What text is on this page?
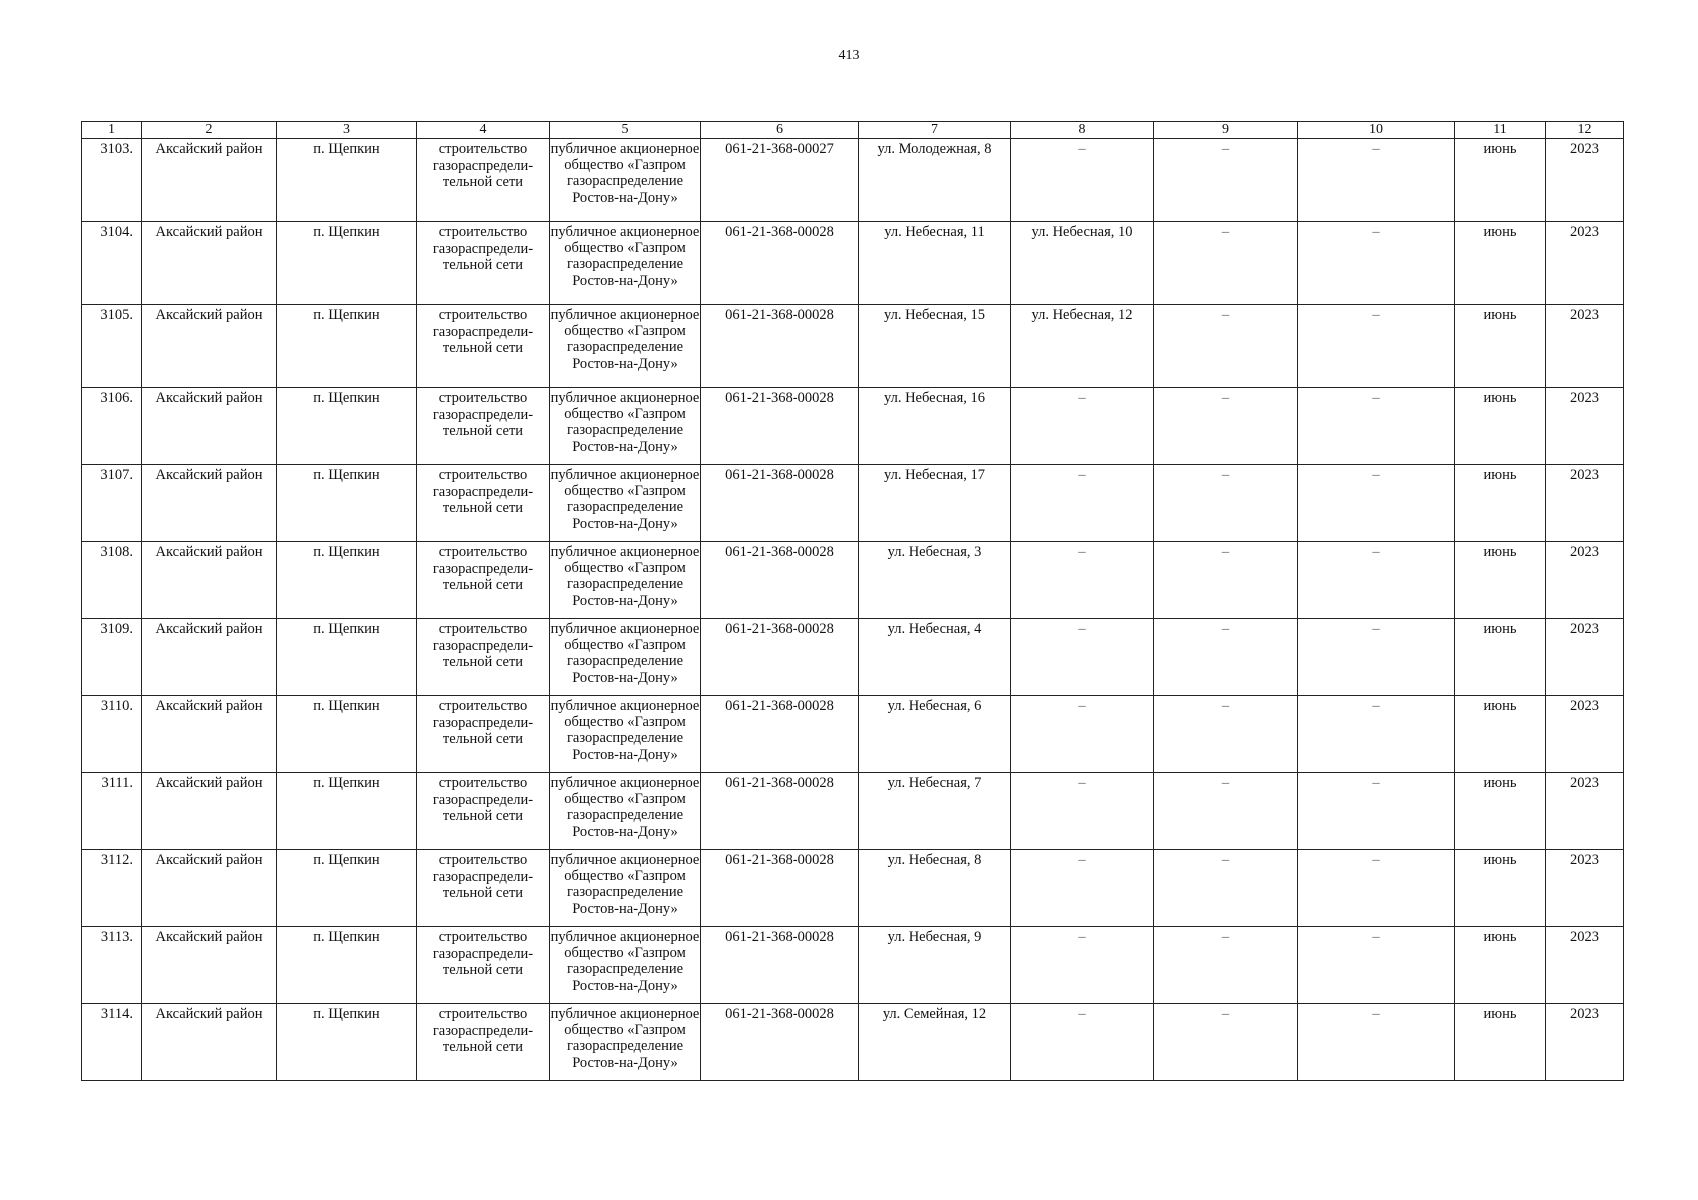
413
1	2	3	4	5	6	7	8	9	10	11	12
3103.	Аксайский район	п. Щепкин	строительство газораспредели-тельной сети	публичное акционерное общество «Газпром газораспределение Ростов-на-Дону»	061-21-368-00027	ул. Молодежная, 8	–	–	–	июнь	2023
3104.	Аксайский район	п. Щепкин	строительство газораспредели-тельной сети	публичное акционерное общество «Газпром газораспределение Ростов-на-Дону»	061-21-368-00028	ул. Небесная, 11	ул. Небесная, 10	–	–	июнь	2023
3105.	Аксайский район	п. Щепкин	строительство газораспредели-тельной сети	публичное акционерное общество «Газпром газораспределение Ростов-на-Дону»	061-21-368-00028	ул. Небесная, 15	ул. Небесная, 12	–	–	июнь	2023
3106.	Аксайский район	п. Щепкин	строительство газораспредели-тельной сети	публичное акционерное общество «Газпром газораспределение Ростов-на-Дону»	061-21-368-00028	ул. Небесная, 16	–	–	–	июнь	2023
3107.	Аксайский район	п. Щепкин	строительство газораспредели-тельной сети	публичное акционерное общество «Газпром газораспределение Ростов-на-Дону»	061-21-368-00028	ул. Небесная, 17	–	–	–	июнь	2023
3108.	Аксайский район	п. Щепкин	строительство газораспредели-тельной сети	публичное акционерное общество «Газпром газораспределение Ростов-на-Дону»	061-21-368-00028	ул. Небесная, 3	–	–	–	июнь	2023
3109.	Аксайский район	п. Щепкин	строительство газораспредели-тельной сети	публичное акционерное общество «Газпром газораспределение Ростов-на-Дону»	061-21-368-00028	ул. Небесная, 4	–	–	–	июнь	2023
3110.	Аксайский район	п. Щепкин	строительство газораспредели-тельной сети	публичное акционерное общество «Газпром газораспределение Ростов-на-Дону»	061-21-368-00028	ул. Небесная, 6	–	–	–	июнь	2023
3111.	Аксайский район	п. Щепкин	строительство газораспредели-тельной сети	публичное акционерное общество «Газпром газораспределение Ростов-на-Дону»	061-21-368-00028	ул. Небесная, 7	–	–	–	июнь	2023
3112.	Аксайский район	п. Щепкин	строительство газораспредели-тельной сети	публичное акционерное общество «Газпром газораспределение Ростов-на-Дону»	061-21-368-00028	ул. Небесная, 8	–	–	–	июнь	2023
3113.	Аксайский район	п. Щепкин	строительство газораспредели-тельной сети	публичное акционерное общество «Газпром газораспределение Ростов-на-Дону»	061-21-368-00028	ул. Небесная, 9	–	–	–	июнь	2023
3114.	Аксайский район	п. Щепкин	строительство газораспредели-тельной сети	публичное акционерное общество «Газпром газораспределение Ростов-на-Дону»	061-21-368-00028	ул. Семейная, 12	–	–	–	июнь	2023
